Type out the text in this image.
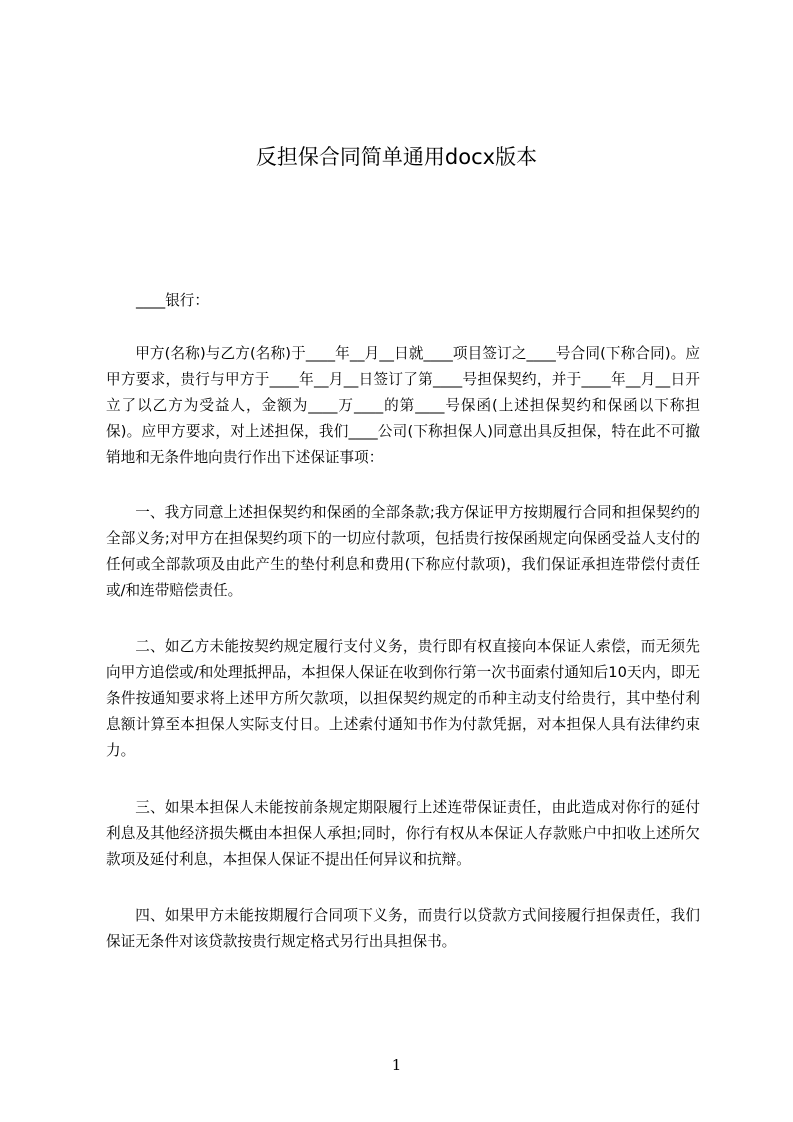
反担保合同简单通用docx版本
____银行：

甲方(名称)与乙方(名称)于____年__月__日就____项目签订之____号合同(下称合同)。应甲方要求，贵行与甲方于____年__月__日签订了第____号担保契约，并于____年__月__日开立了以乙方为受益人，金额为____万____的第____号保函(上述担保契约和保函以下称担保)。应甲方要求，对上述担保，我们____公司(下称担保人)同意出具反担保，特在此不可撤销地和无条件地向贵行作出下述保证事项：

一、我方同意上述担保契约和保函的全部条款;我方保证甲方按期履行合同和担保契约的全部义务;对甲方在担保契约项下的一切应付款项，包括贵行按保函规定向保函受益人支付的任何或全部款项及由此产生的垫付利息和费用(下称应付款项)，我们保证承担连带偿付责任或/和连带赔偿责任。

二、如乙方未能按契约规定履行支付义务，贵行即有权直接向本保证人索偿，而无须先向甲方追偿或/和处理抵押品，本担保人保证在收到你行第一次书面索付通知后10天内，即无条件按通知要求将上述甲方所欠款项，以担保契约规定的币种主动支付给贵行，其中垫付利息额计算至本担保人实际支付日。上述索付通知书作为付款凭据，对本担保人具有法律约束力。

三、如果本担保人未能按前条规定期限履行上述连带保证责任，由此造成对你行的延付利息及其他经济损失概由本担保人承担;同时，你行有权从本保证人存款账户中扣收上述所欠款项及延付利息，本担保人保证不提出任何异议和抗辩。

四、如果甲方未能按期履行合同项下义务，而贵行以贷款方式间接履行担保责任，我们保证无条件对该贷款按贵行规定格式另行出具担保书。

1
